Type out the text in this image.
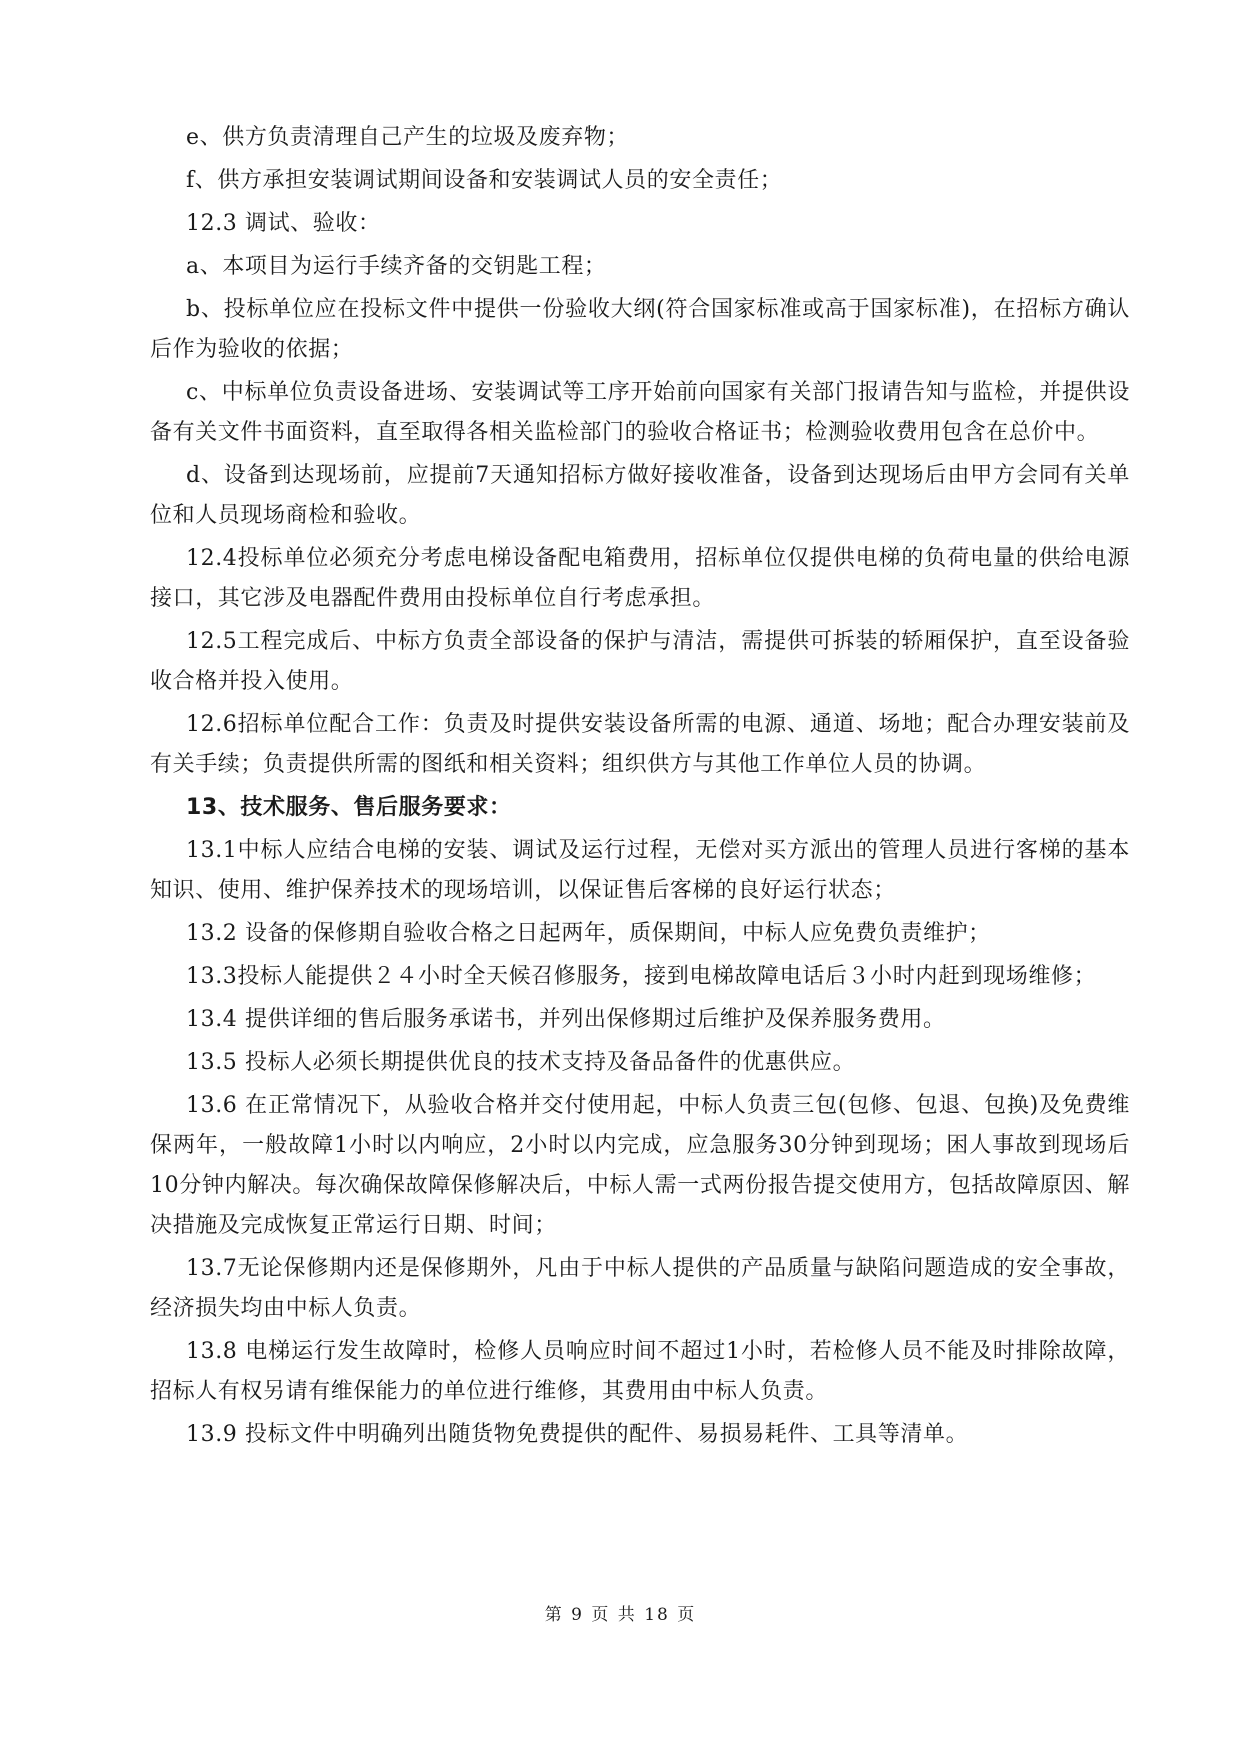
e、供方负责清理自己产生的垃圾及废弃物；

f、供方承担安装调试期间设备和安装调试人员的安全责任；

12.3 调试、验收：

a、本项目为运行手续齐备的交钥匙工程；

b、投标单位应在投标文件中提供一份验收大纲(符合国家标准或高于国家标准)，在招标方确认后作为验收的依据；

c、中标单位负责设备进场、安装调试等工序开始前向国家有关部门报请告知与监检，并提供设备有关文件书面资料，直至取得各相关监检部门的验收合格证书；检测验收费用包含在总价中。

d、设备到达现场前，应提前7天通知招标方做好接收准备，设备到达现场后由甲方会同有关单位和人员现场商检和验收。

12.4投标单位必须充分考虑电梯设备配电箱费用，招标单位仅提供电梯的负荷电量的供给电源接口，其它涉及电器配件费用由投标单位自行考虑承担。

12.5工程完成后、中标方负责全部设备的保护与清洁，需提供可拆装的轿厢保护，直至设备验收合格并投入使用。

12.6招标单位配合工作：负责及时提供安装设备所需的电源、通道、场地；配合办理安装前及有关手续；负责提供所需的图纸和相关资料；组织供方与其他工作单位人员的协调。

13、技术服务、售后服务要求：

13.1中标人应结合电梯的安装、调试及运行过程，无偿对买方派出的管理人员进行客梯的基本知识、使用、维护保养技术的现场培训，以保证售后客梯的良好运行状态；

13.2 设备的保修期自验收合格之日起两年，质保期间，中标人应免费负责维护；

13.3投标人能提供２４小时全天候召修服务，接到电梯故障电话后３小时内赶到现场维修；

13.4 提供详细的售后服务承诺书，并列出保修期过后维护及保养服务费用。

13.5 投标人必须长期提供优良的技术支持及备品备件的优惠供应。

13.6 在正常情况下，从验收合格并交付使用起，中标人负责三包(包修、包退、包换)及免费维保两年，一般故障1小时以内响应，2小时以内完成，应急服务30分钟到现场；困人事故到现场后10分钟内解决。每次确保故障保修解决后，中标人需一式两份报告提交使用方，包括故障原因、解决措施及完成恢复正常运行日期、时间；

13.7无论保修期内还是保修期外，凡由于中标人提供的产品质量与缺陷问题造成的安全事故，经济损失均由中标人负责。

13.8 电梯运行发生故障时，检修人员响应时间不超过1小时，若检修人员不能及时排除故障，招标人有权另请有维保能力的单位进行维修，其费用由中标人负责。

13.9 投标文件中明确列出随货物免费提供的配件、易损易耗件、工具等清单。

第 9 页 共 18 页
